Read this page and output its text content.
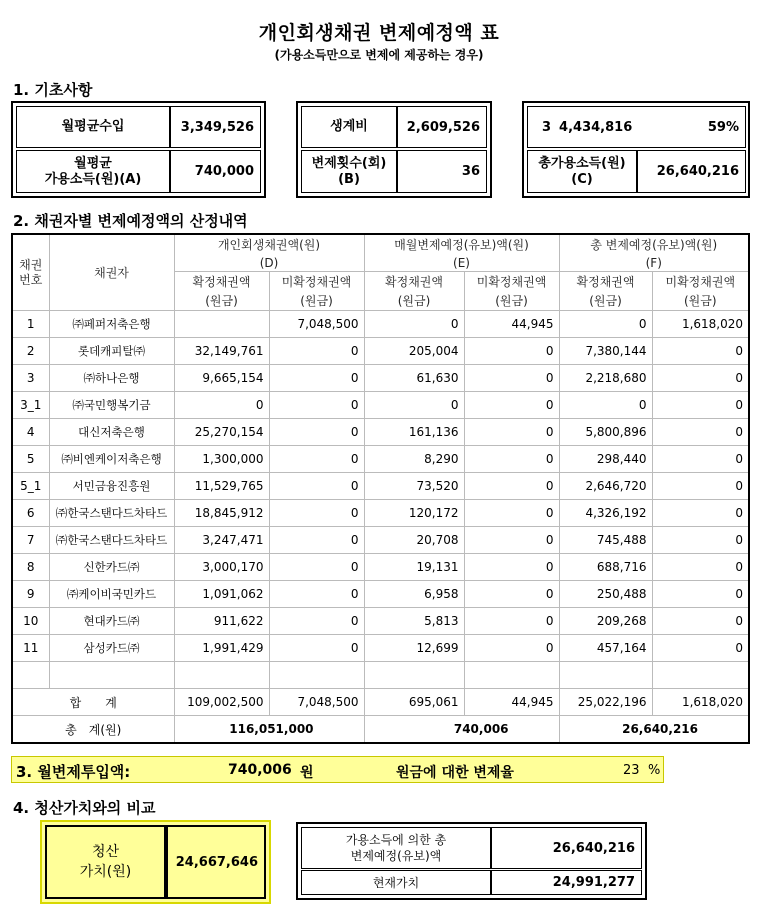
개인회생채권 변제예정액 표
(가용소득만으로 변제에 제공하는 경우)
1. 기초사항
월평균수입	3,349,526
월평균
가용소득(원)(A)	740,000
생계비	2,609,526
변제횟수(회)
(B)	36
3 4,434,816	59%
총가용소득(원)
(C)	26,640,216
2. 채권자별 변제예정액의 산정내역
채권
번호	채권자	개인회생채권액(원)		매월변제예정(유보)액(원)		총 변제예정(유보)액(원)	
		(D)		(E)		(F)	
		확정채권액	미확정채권액	확정채권액	미확정채권액	확정채권액	미확정채권액
		(원금)	(원금)	(원금)	(원금)	(원금)	(원금)
1	㈜페퍼저축은행		7,048,500	0	44,945	0	1,618,020
2	롯데캐피탈㈜	32,149,761	0	205,004	0	7,380,144	0
3	㈜하나은행	9,665,154	0	61,630	0	2,218,680	0
3_1	㈜국민행복기금	0	0	0	0	0	0
4	대신저축은행	25,270,154	0	161,136	0	5,800,896	0
5	㈜비엔케이저축은행	1,300,000	0	8,290	0	298,440	0
5_1	서민금융진흥원	11,529,765	0	73,520	0	2,646,720	0
6	㈜한국스탠다드차타드	18,845,912	0	120,172	0	4,326,192	0
7	㈜한국스탠다드차타드	3,247,471	0	20,708	0	745,488	0
8	신한카드㈜	3,000,170	0	19,131	0	688,716	0
9	㈜케이비국민카드	1,091,062	0	6,958	0	250,488	0
10	현대카드㈜	911,622	0	5,813	0	209,268	0
11	삼성카드㈜	1,991,429	0	12,699	0	457,164	0

합　　계		109,002,500	7,048,500	695,061	44,945	25,022,196	1,618,020
총　계(원)		116,051,000		740,006		26,640,216	
3. 월변제투입액:	740,006 원	원금에 대한 변제율	23 %
4. 청산가치와의 비교
청산
가치(원)
24,667,646
가용소득에 의한 총
변제예정(유보)액
26,640,216
현재가치	24,991,277
